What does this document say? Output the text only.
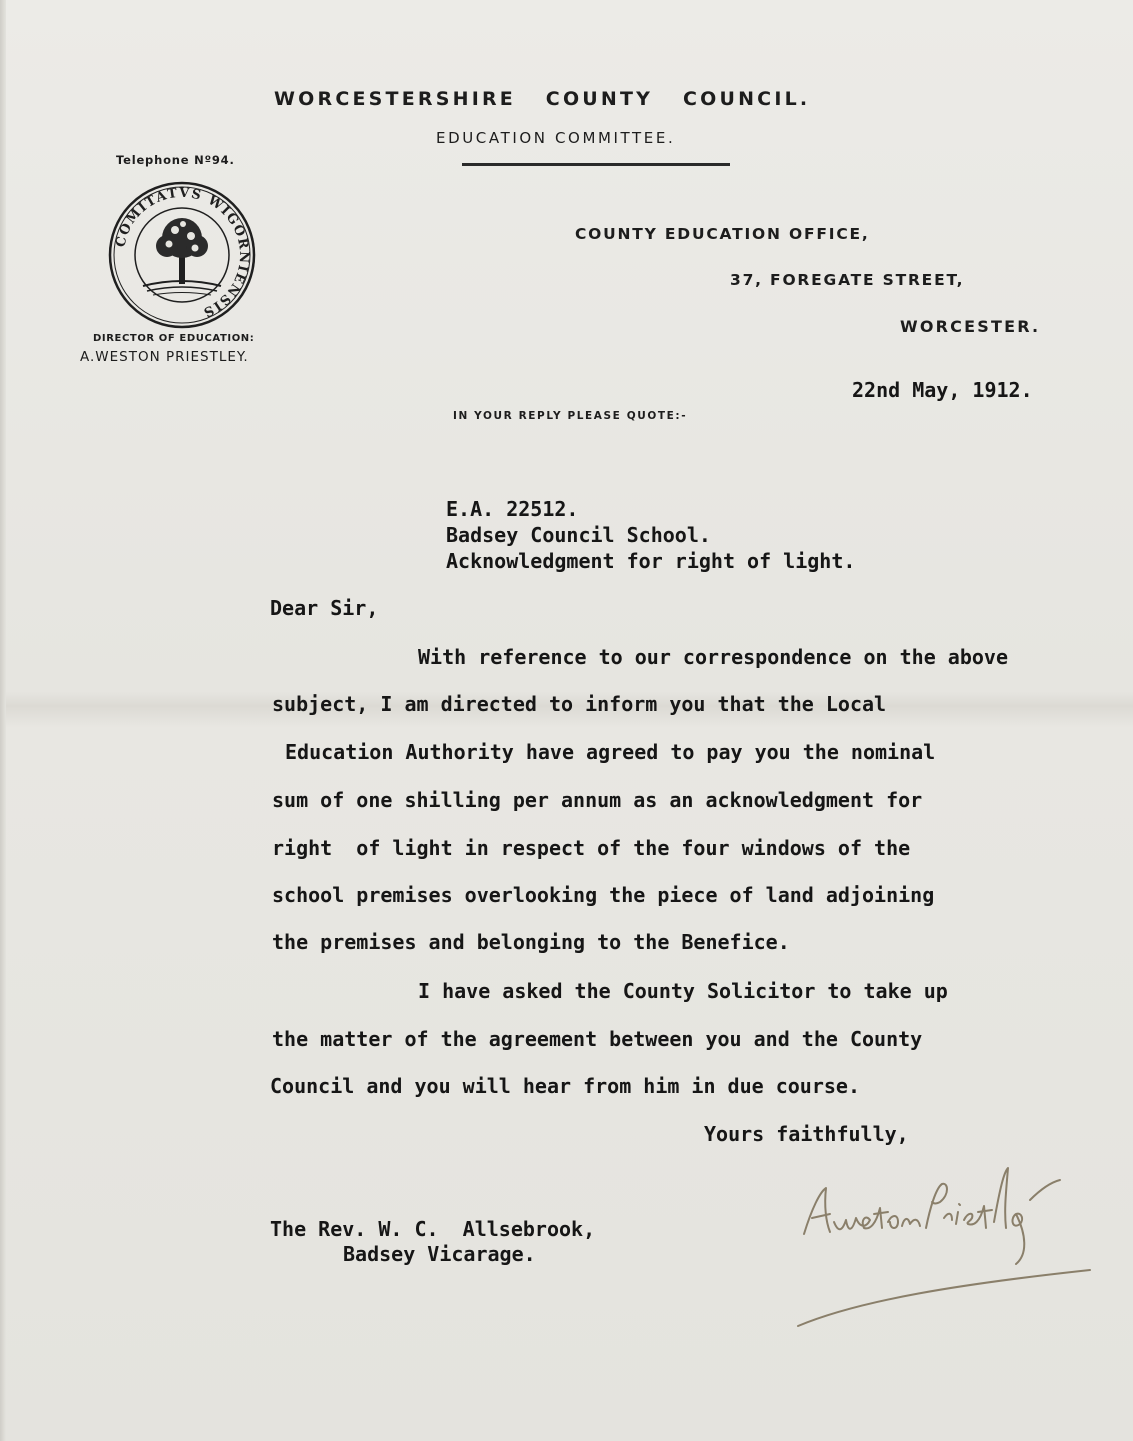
WORCESTERSHIRE COUNTY COUNCIL.
EDUCATION COMMITTEE.
Telephone Nº94.
COMITATVS WIGORNIENSIS
DIRECTOR OF EDUCATION:
A.WESTON PRIESTLEY.
COUNTY EDUCATION OFFICE,
37, FOREGATE STREET,
WORCESTER.
IN YOUR REPLY PLEASE QUOTE:-
22nd May, 1912.
E.A. 22512.
Badsey Council School.
Acknowledgment for right of light.
Dear Sir,
With reference to our correspondence on the above
subject, I am directed to inform you that the Local
Education Authority have agreed to pay you the nominal
sum of one shilling per annum as an acknowledgment for
right  of light in respect of the four windows of the
school premises overlooking the piece of land adjoining
the premises and belonging to the Benefice.
I have asked the County Solicitor to take up
the matter of the agreement between you and the County
Council and you will hear from him in due course.
Yours faithfully,
The Rev. W. C.  Allsebrook,
Badsey Vicarage.
